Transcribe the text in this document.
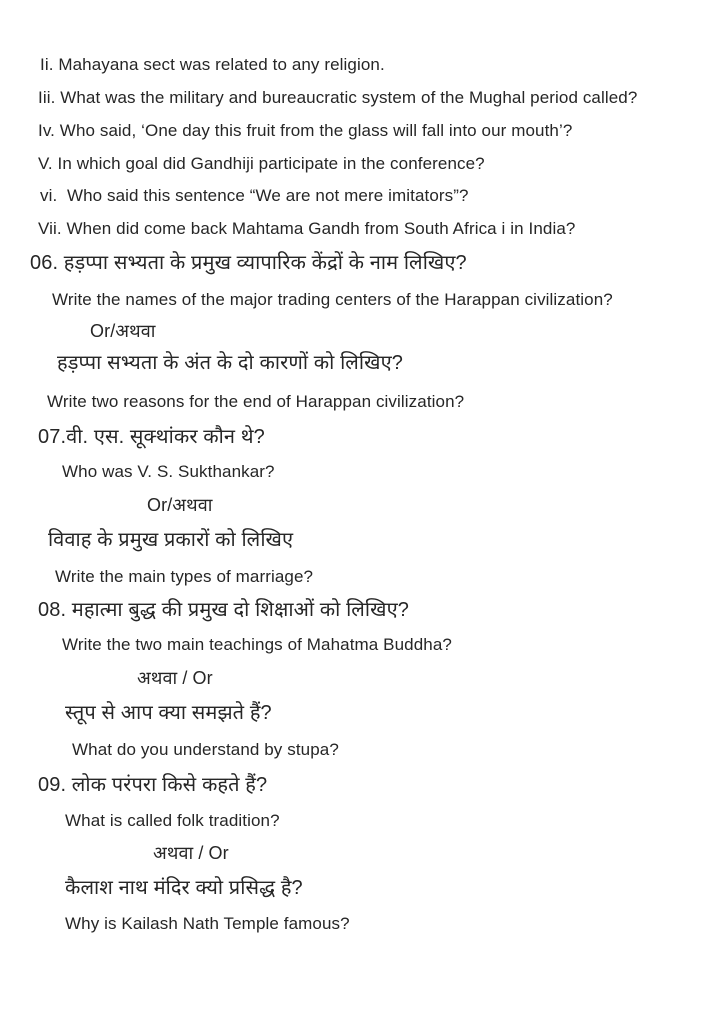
Ii. Mahayana sect was related to any religion.

Iii. What was the military and bureaucratic system of the Mughal period called?

Iv. Who said, ‘One day this fruit from the glass will fall into our mouth’?

V. In which goal did Gandhiji participate in the conference?

vi.  Who said this sentence “We are not mere imitators”?

Vii. When did come back Mahtama Gandh from South Africa i in India?

06. हड़प्पा सभ्यता के प्रमुख व्यापारिक केंद्रों के नाम लिखिए?

Write the names of the major trading centers of the Harappan civilization?

Or/अथवा

हड़प्पा सभ्यता के अंत के दो कारणों को लिखिए?

Write two reasons for the end of Harappan civilization?

07.वी. एस. सूक्थांकर कौन थे?

Who was V. S. Sukthankar?

Or/अथवा

विवाह के प्रमुख प्रकारों को लिखिए

Write the main types of marriage?

08. महात्मा बुद्ध की प्रमुख दो शिक्षाओं को लिखिए?

Write the two main teachings of Mahatma Buddha?

अथवा / Or

स्तूप से आप क्या समझते हैं?

What do you understand by stupa?

09. लोक परंपरा किसे कहते हैं?

What is called folk tradition?

अथवा / Or

कैलाश नाथ मंदिर क्यो प्रसिद्ध है?

Why is Kailash Nath Temple famous?
